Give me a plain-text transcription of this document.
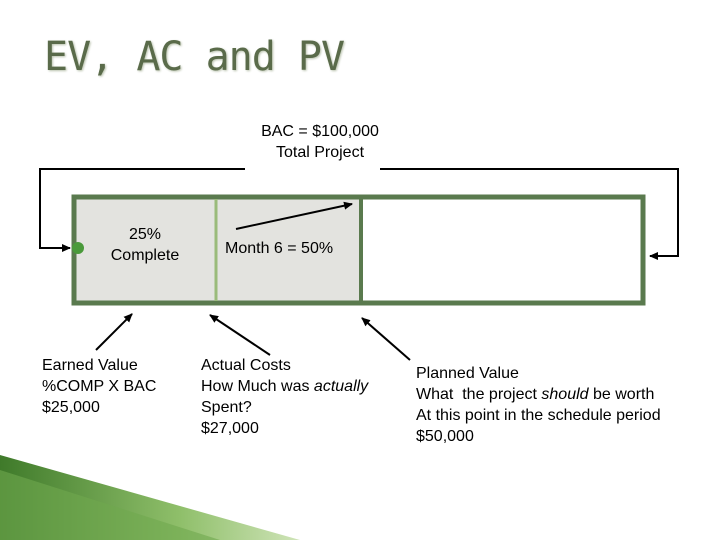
EV, AC and PV
BAC = $100,000
Total Project
25%
Complete	Month 6 = 50%
Earned Value
%COMP X BAC
$25,000
Actual Costs
How Much was actually
Spent?
$27,000
Planned Value
What  the project should be worth
At this point in the schedule period
$50,000
